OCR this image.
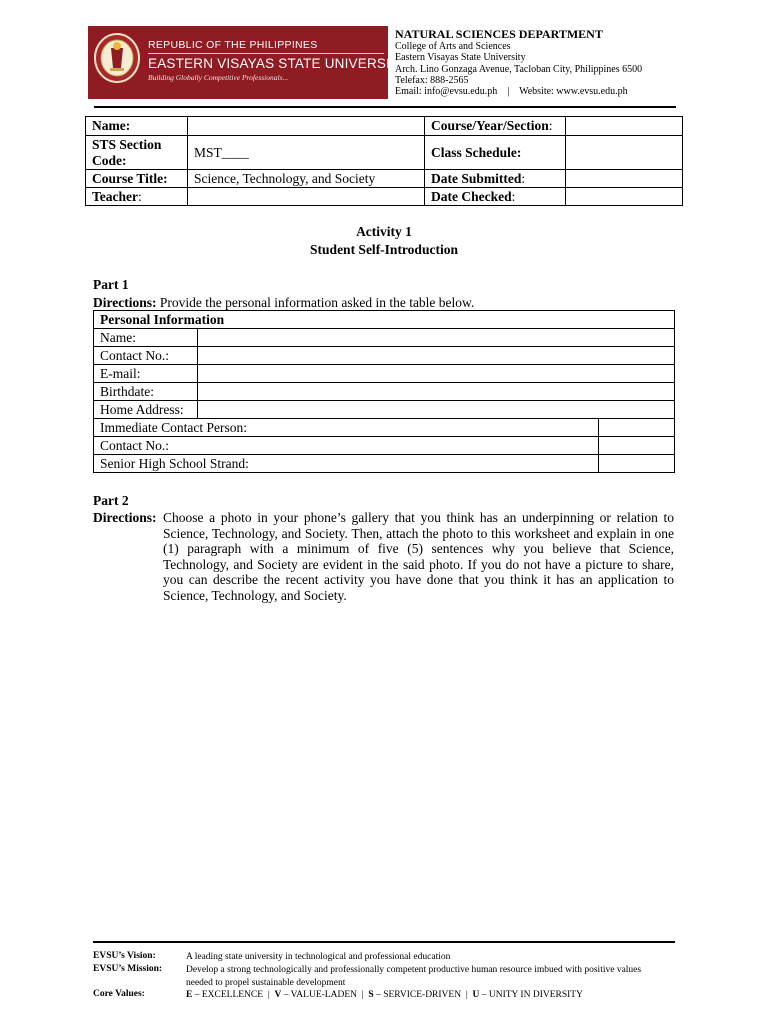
REPUBLIC OF THE PHILIPPINES
EASTERN VISAYAS STATE UNIVERSITY
Building Globally Competitive Professionals...
NATURAL SCIENCES DEPARTMENT
College of Arts and Sciences
Eastern Visayas State University
Arch. Lino Gonzaga Avenue, Tacloban City, Philippines 6500
Telefax: 888-2565
Email: info@evsu.edu.ph    |    Website: www.evsu.edu.ph
Name:		Course/Year/Section:	
STS Section Code:	MST____	Class Schedule:	
Course Title:	Science, Technology, and Society	Date Submitted:	
Teacher:		Date Checked:	
Activity 1
Student Self-Introduction
Part 1
Directions: Provide the personal information asked in the table below.
Personal Information		
Name:		
Contact No.:		
E-mail:		
Birthdate:		
Home Address:		
Immediate Contact Person:		
Contact No.:		
Senior High School Strand:		
Part 2
Directions: Choose a photo in your phone’s gallery that you think has an underpinning or relation to Science, Technology, and Society. Then, attach the photo to this worksheet and explain in one (1) paragraph with a minimum of five (5) sentences why you believe that Science, Technology, and Society are evident in the said photo. If you do not have a picture to share, you can describe the recent activity you have done that you think it has an application to Science, Technology, and Society.
EVSU’s Vision:	A leading state university in technological and professional education
EVSU’s Mission:	Develop a strong technologically and professionally competent productive human resource imbued with positive values needed to propel sustainable development
Core Values:	E – EXCELLENCE  |  V – VALUE-LADEN  |  S – SERVICE-DRIVEN  |  U – UNITY IN DIVERSITY
